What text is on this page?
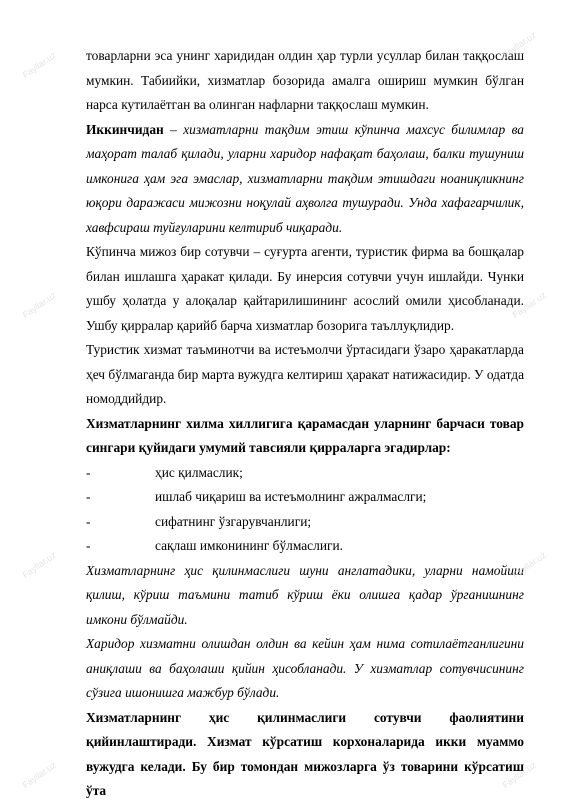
товарларни эса унинг харидидан олдин ҳар турли усуллар билан таққослаш мумкин. Табиийки, хизматлар бозорида амалга ошириш мумкин бўлган нарса кутилаётган ва олинган нафларни таққослаш мумкин.

Иккинчидан – хизматларни тақдим этиш кўпинча махсус билимлар ва маҳорат талаб қилади, уларни харидор нафақат баҳолаш, балки тушуниш имконига ҳам эга эмаслар, хизматларни тақдим этишдаги ноаниқликнинг юқори даражаси мижозни ноқулай аҳволга тушуради. Унда хафагарчилик, хавфсираш туйғуларини келтириб чиқаради.

Кўпинча мижоз бир сотувчи – суғурта агенти, туристик фирма ва бошқалар билан ишлашга ҳаракат қилади. Бу инерсия сотувчи учун ишлайди. Чунки ушбу ҳолатда у алоқалар қайтарилишининг асослий омили ҳисобланади. Ушбу қирралар қарийб барча хизматлар бозорига таъллуқлидир.

Туристик хизмат таъминотчи ва истеъмолчи ўртасидаги ўзаро ҳаракатларда ҳеч бўлмаганда бир марта вужудга келтириш ҳаракат натижасидир. У одатда номоддийдир.

Хизматларнинг хилма хиллигига қарамасдан уларнинг барчаси товар сингари қуйидаги умумий тавсияли қирраларга эгадирлар:

-	ҳис қилмаслик;
-	ишлаб чиқариш ва истеъмолнинг ажралмаслги;
-	сифатнинг ўзгарувчанлиги;
-	сақлаш имконининг бўлмаслиги.

Хизматларнинг ҳис қилинмаслиги шуни англатадики, уларни намойиш қилиш, кўриш таъмини татиб кўриш ёки олишга қадар ўрганишнинг имкони бўлмайди.

Харидор хизматни олишдан олдин ва кейин ҳам нима сотилаётганлигини аниқлаши ва баҳолаши қийин ҳисобланади. У хизматлар сотувчисининг сўзига ишонишга мажбур бўлади.

Хизматларнинг ҳис қилинмаслиги сотувчи фаолиятини қийинлаштиради. Хизмат кўрсатиш корхоналарида икки муаммо вужудга келади. Бу бир томондан мижозларга ўз товарини кўрсатиш ўта

Fayllar.uz
Fayllar.uz
Fayllar.uz	Fayllar.uz
Fayllar.uz	Fayllar.uz
Fayllar.uz	Fayllar.uz
